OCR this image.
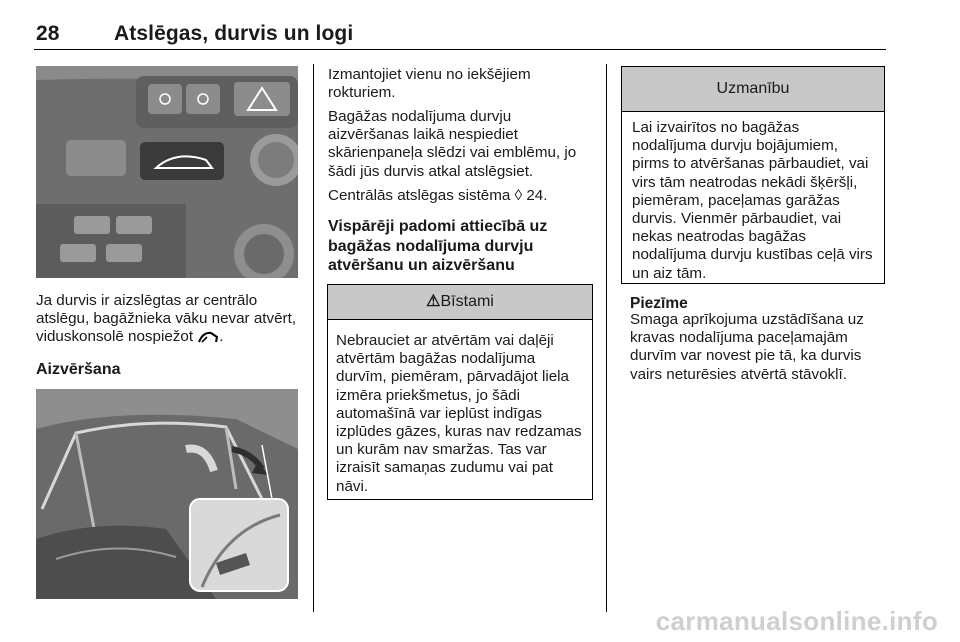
28	Atslēgas, durvis un logi

Ja durvis ir aizslēgtas ar centrālo atslēgu, bagāžnieka vāku nevar atvērt, viduskonsolē nospiežot .

Aizvēršana

Izmantojiet vienu no iekšējiem rokturiem.

Bagāžas nodalījuma durvju aizvēršanas laikā nespiediet skārienpaneļa slēdzi vai emblēmu, jo šādi jūs durvis atkal atslēgsiet.

Centrālās atslēgas sistēma ◊ 24.

Vispārēji padomi attiecībā uz bagāžas nodalījuma durvju atvēršanu un aizvēršanu
⚠Bīstami
Nebrauciet ar atvērtām vai daļēji atvērtām bagāžas nodalījuma durvīm, piemēram, pārvadājot liela izmēra priekšmetus, jo šādi automašīnā var ieplūst indīgas izplūdes gāzes, kuras nav redzamas un kurām nav smaržas. Tas var izraisīt samaņas zudumu vai pat nāvi.
Uzmanību
Lai izvairītos no bagāžas nodalījuma durvju bojājumiem, pirms to atvēršanas pārbaudiet, vai virs tām neatrodas nekādi šķēršļi, piemēram, paceļamas garāžas durvis. Vienmēr pārbaudiet, vai nekas neatrodas bagāžas nodalījuma durvju kustības ceļā virs un aiz tām.
Piezīme

Smaga aprīkojuma uzstādīšana uz kravas nodalījuma paceļamajām durvīm var novest pie tā, ka durvis vairs neturēsies atvērtā stāvoklī.

carmanualsonline.info
